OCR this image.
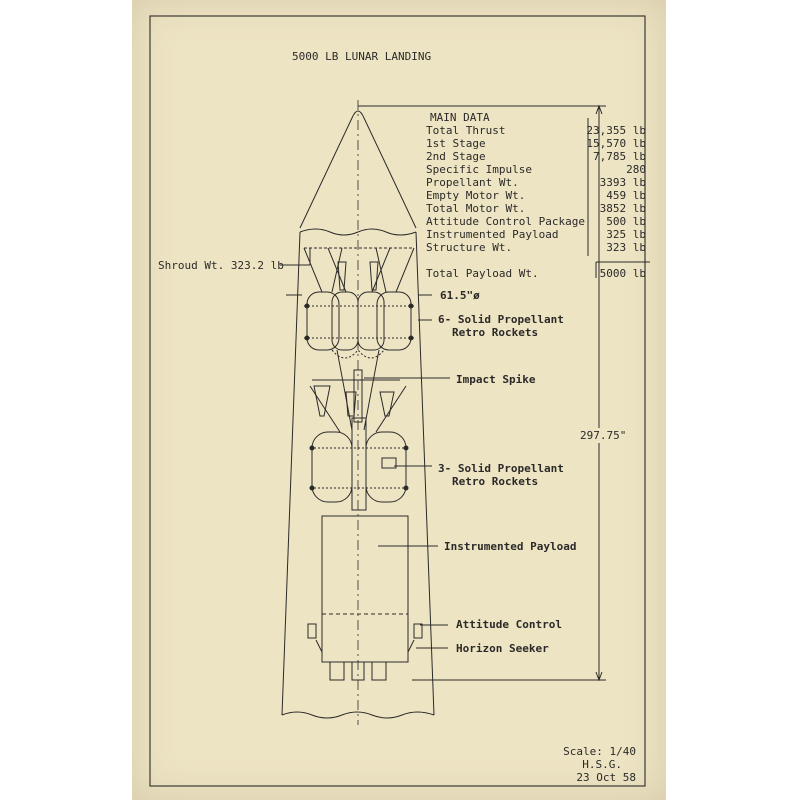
5000 LB LUNAR LANDING
MAIN DATA
Total Thrust
1st Stage
2nd Stage
Specific Impulse
Propellant Wt.
Empty Motor Wt.
Total Motor Wt.
Attitude Control Package
Instrumented Payload
Structure Wt.
23,355 lb
15,570 lb
7,785 lb
280
3393 lb
459 lb
3852 lb
500 lb
325 lb
323 lb
Total Payload Wt.	5000 lb
Shroud Wt. 323.2 lb
61.5"ø
6- Solid Propellant
Retro Rockets
Impact Spike
3- Solid Propellant
Retro Rockets
Instrumented Payload
Attitude Control
Horizon Seeker
297.75"
Scale: 1/40
H.S.G.
23 Oct 58
